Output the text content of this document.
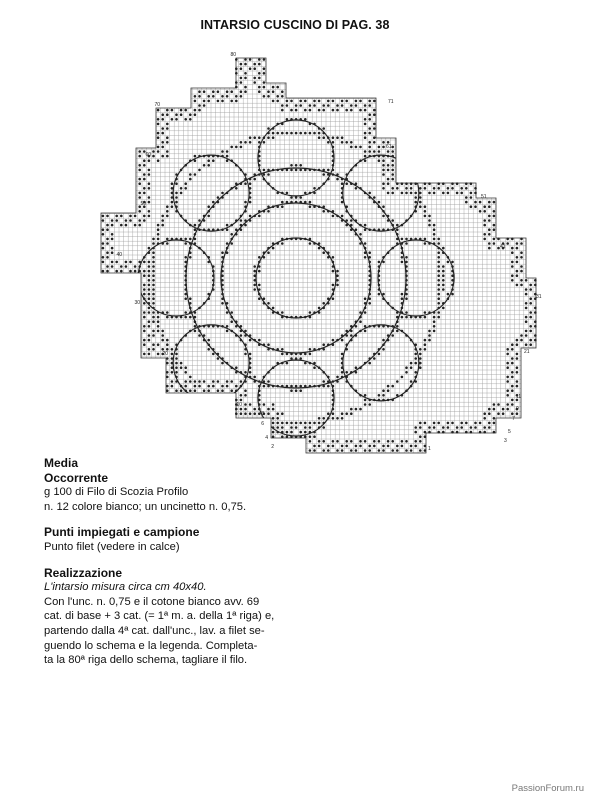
INTARSIO CUSCINO DI PAG. 38
80
71
70
61
60
51
50
41
40
31
30
21
20
11
10
9
8
7
6
5
4	3
2	1
Media
Occorrente
g 100 di Filo di Scozia Profilo
n. 12 colore bianco; un uncinetto n. 0,75.
Punti impiegati e campione
Punto filet (vedere in calce)
Realizzazione
L'intarsio misura circa cm 40x40.
Con l'unc. n. 0,75 e il cotone bianco avv. 69
cat. di base + 3 cat. (= 1ª m. a. della 1ª riga) e,
partendo dalla 4ª cat. dall'unc., lav. a filet se-
guendo lo schema e la legenda. Completa-
ta la 80ª riga dello schema, tagliare il filo.
PassionForum.ru
